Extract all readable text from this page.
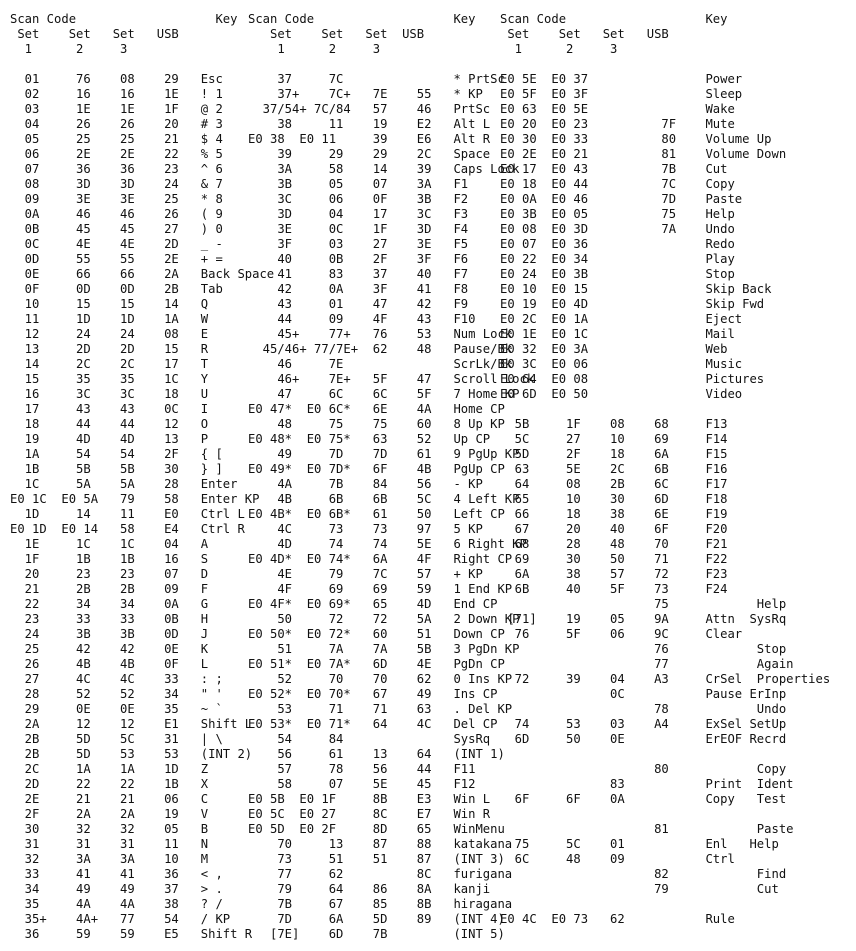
Scan Code                   Key
Set    Set   Set   USB
1      2     3
01     76    08    29   Esc
02     16    16    1E   ! 1
03     1E    1E    1F   @ 2
04     26    26    20   # 3
05     25    25    21   $ 4
06     2E    2E    22   % 5
07     36    36    23   ^ 6
08     3D    3D    24   & 7
09     3E    3E    25   * 8
0A     46    46    26   ( 9
0B     45    45    27   ) 0
0C     4E    4E    2D   _ -
0D     55    55    2E   + =
0E     66    66    2A   Back Space
0F     0D    0D    2B   Tab
10     15    15    14   Q
11     1D    1D    1A   W
12     24    24    08   E
13     2D    2D    15   R
14     2C    2C    17   T
15     35    35    1C   Y
16     3C    3C    18   U
17     43    43    0C   I
18     44    44    12   O
19     4D    4D    13   P
1A     54    54    2F   { [
1B     5B    5B    30   } ]
1C     5A    5A    28   Enter
E0 1C  E0 5A   79    58   Enter KP
1D     14    11    E0   Ctrl L
E0 1D  E0 14   58    E4   Ctrl R
1E     1C    1C    04   A
1F     1B    1B    16   S
20     23    23    07   D
21     2B    2B    09   F
22     34    34    0A   G
23     33    33    0B   H
24     3B    3B    0D   J
25     42    42    0E   K
26     4B    4B    0F   L
27     4C    4C    33   : ;
28     52    52    34   " '
29     0E    0E    35   ~ `
2A     12    12    E1   Shift L
2B     5D    5C    31   | \
2B     5D    53    53   (INT 2)
2C     1A    1A    1D   Z
2D     22    22    1B   X
2E     21    21    06   C
2F     2A    2A    19   V
30     32    32    05   B
31     31    31    11   N
32     3A    3A    10   M
33     41    41    36   < ,
34     49    49    37   > .
35     4A    4A    38   ? /
35+    4A+   77    54   / KP
36     59    59    E5   Shift R
Scan Code                   Key
Set    Set   Set  USB
1      2     3
37     7C               * PrtSc
37+    7C+   7E    55   * KP
37/54+ 7C/84   57    46   PrtSc
38     11    19    E2   Alt L
E0 38  E0 11     39    E6   Alt R
39     29    29    2C   Space
3A     58    14    39   Caps Lock
3B     05    07    3A   F1
3C     06    0F    3B   F2
3D     04    17    3C   F3
3E     0C    1F    3D   F4
3F     03    27    3E   F5
40     0B    2F    3F   F6
41     83    37    40   F7
42     0A    3F    41   F8
43     01    47    42   F9
44     09    4F    43   F10
45+    77+   76    53   Num Lock
45/46+ 77/7E+  62    48   Pause/Bk
46     7E               ScrLk/Bk
46+    7E+   5F    47   Scroll Lock
47     6C    6C    5F   7 Home KP
E0 47*  E0 6C*   6E    4A   Home CP
48     75    75    60   8 Up KP
E0 48*  E0 75*   63    52   Up CP
49     7D    7D    61   9 PgUp KP
E0 49*  E0 7D*   6F    4B   PgUp CP
4A     7B    84    56   - KP
4B     6B    6B    5C   4 Left KP
E0 4B*  E0 6B*   61    50   Left CP
4C     73    73    97   5 KP
4D     74    74    5E   6 Right KP
E0 4D*  E0 74*   6A    4F   Right CP
4E     79    7C    57   + KP
4F     69    69    59   1 End KP
E0 4F*  E0 69*   65    4D   End CP
50     72    72    5A   2 Down KP
E0 50*  E0 72*   60    51   Down CP
51     7A    7A    5B   3 PgDn KP
E0 51*  E0 7A*   6D    4E   PgDn CP
52     70    70    62   0 Ins KP
E0 52*  E0 70*   67    49   Ins CP
53     71    71    63   . Del KP
E0 53*  E0 71*   64    4C   Del CP
54     84               SysRq
56     61    13    64   (INT 1)
57     78    56    44   F11
58     07    5E    45   F12
E0 5B  E0 1F     8B    E3   Win L
E0 5C  E0 27     8C    E7   Win R
E0 5D  E0 2F     8D    65   WinMenu
70     13    87    88   katakana
73     51    51    87   (INT 3)
77     62          8C   furigana
79     64    86    8A   kanji
7B     67    85    8B   hiragana
7D     6A    5D    89   (INT 4)
[7E]    6D    7B         (INT 5)
Scan Code                   Key
Set    Set   Set   USB
1      2     3
E0 5E  E0 37                Power
E0 5F  E0 3F                Sleep
E0 63  E0 5E                Wake
E0 20  E0 23          7F    Mute
E0 30  E0 33          80    Volume Up
E0 2E  E0 21          81    Volume Down
E0 17  E0 43          7B    Cut
E0 18  E0 44          7C    Copy
E0 0A  E0 46          7D    Paste
E0 3B  E0 05          75    Help
E0 08  E0 3D          7A    Undo
E0 07  E0 36                Redo
E0 22  E0 34                Play
E0 24  E0 3B                Stop
E0 10  E0 15                Skip Back
E0 19  E0 4D                Skip Fwd
E0 2C  E0 1A                Eject
E0 1E  E0 1C                Mail
E0 32  E0 3A                Web
E0 3C  E0 06                Music
E0 64  E0 08                Pictures
E0 6D  E0 50                Video
5B     1F    08    68     F13
5C     27    10    69     F14
5D     2F    18    6A     F15
63     5E    2C    6B     F16
64     08    2B    6C     F17
65     10    30    6D     F18
66     18    38    6E     F19
67     20    40    6F     F20
68     28    48    70     F21
69     30    50    71     F22
6A     38    57    72     F23
6B     40    5F    73     F24
75            Help
[71]    19    05    9A     Attn  SysRq
76     5F    06    9C     Clear
76            Stop
77            Again
72     39    04    A3     CrSel  Properties
0C           Pause ErInp
78            Undo
74     53    03    A4     ExSel SetUp
6D     50    0E           ErEOF Recrd
80            Copy
83           Print  Ident
6F     6F    0A           Copy   Test
81            Paste
75     5C    01           Enl   Help
6C     48    09           Ctrl
82            Find
79            Cut
E0 4C  E0 73   62           Rule
